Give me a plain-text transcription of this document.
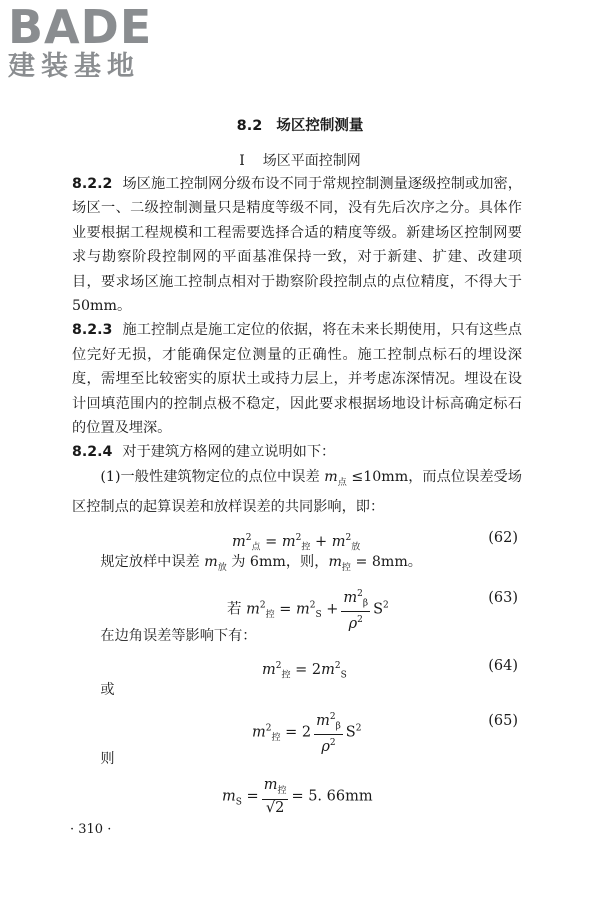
BADE
建装基地
8.2 场区控制测量
I 场区平面控制网

8.2.2 场区施工控制网分级布设不同于常规控制测量逐级控制或加密，场区一、二级控制测量只是精度等级不同，没有先后次序之分。具体作业要根据工程规模和工程需要选择合适的精度等级。新建场区控制网要求与勘察阶段控制网的平面基准保持一致，对于新建、扩建、改建项目，要求场区施工控制点相对于勘察阶段控制点的点位精度，不得大于 50mm。

8.2.3 施工控制点是施工定位的依据，将在未来长期使用，只有这些点位完好无损，才能确保定位测量的正确性。施工控制点标石的埋设深度，需埋至比较密实的原状土或持力层上，并考虑冻深情况。埋设在设计回填范围内的控制点极不稳定，因此要求根据场地设计标高确定标石的位置及埋深。

8.2.4 对于建筑方格网的建立说明如下：

(1)一般性建筑物定位的点位中误差 $m_点 \le 10mm$，而点位误差受场区控制点的起算误差和放样误差的共同影响，即：

$m^2_点 = m^2_控 + m^2_放$
(62)

规定放样中误差 $m_放$ 为 6mm，则，$m_控 = 8mm$。

若 $m^2_控 = m^2_S + \frac{m^2_\beta}{\rho^2} S^2$	(63)

在边角误差等影响下有：

$m^2_控 = 2m^2_S$
(64)

或

$m^2_控 = 2 \frac{m^2_\beta}{\rho^2} S^2$	(65)

则

$m_S = \frac{m_控}{√2} = 5$. 66mm
· 310 ·
